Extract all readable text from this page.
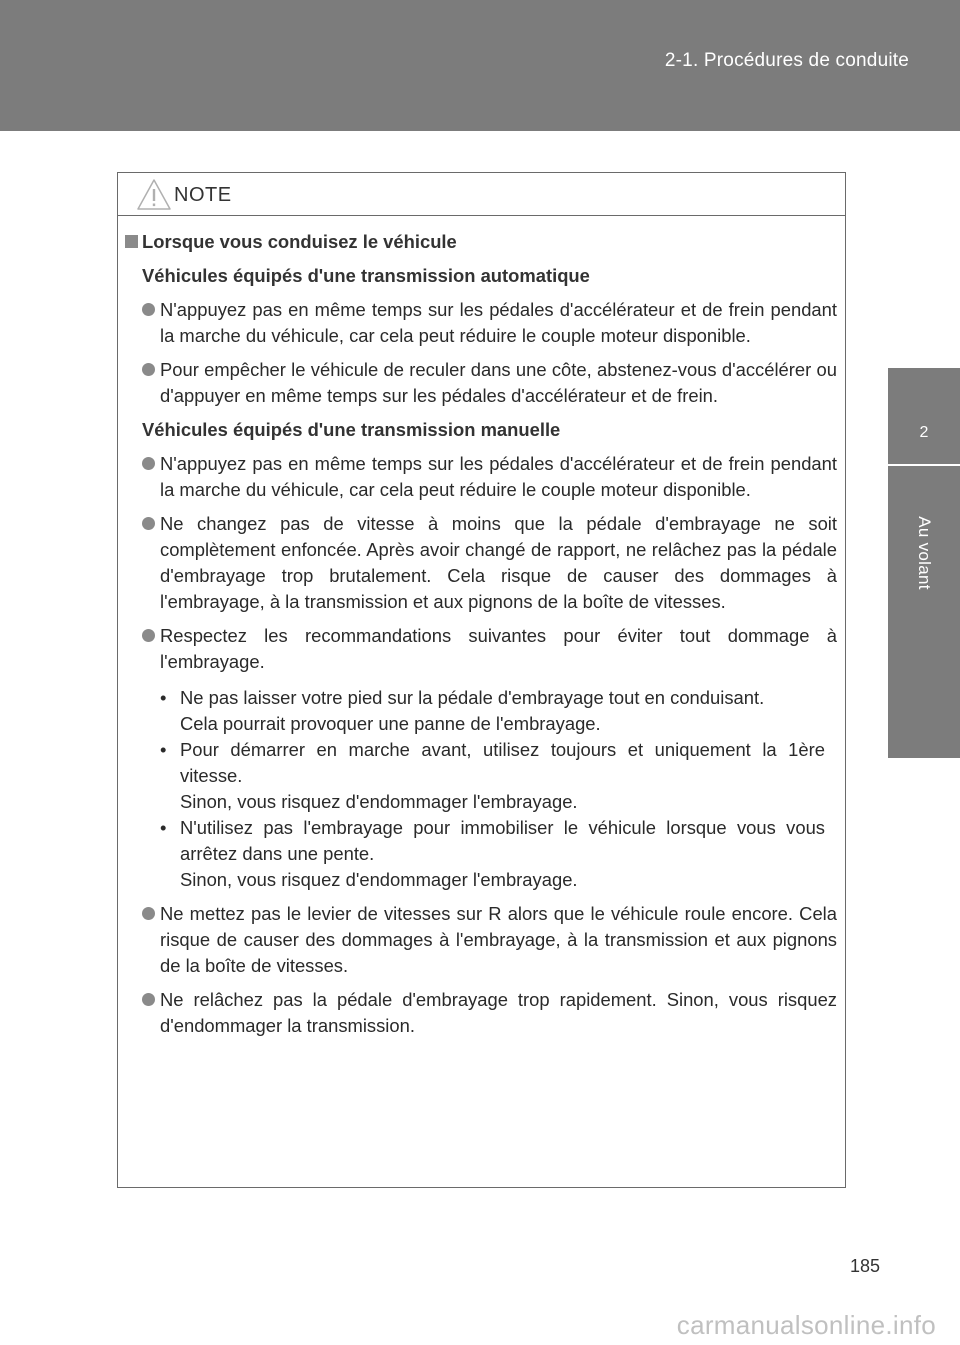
2-1. Procédures de conduite
2
Au volant
NOTE
Lorsque vous conduisez le véhicule
Véhicules équipés d'une transmission automatique
N'appuyez pas en même temps sur les pédales d'accélérateur et de frein pendant la marche du véhicule, car cela peut réduire le couple moteur disponible.
Pour empêcher le véhicule de reculer dans une côte, abstenez-vous d'accélérer ou d'appuyer en même temps sur les pédales d'accélérateur et de frein.
Véhicules équipés d'une transmission manuelle
N'appuyez pas en même temps sur les pédales d'accélérateur et de frein pendant la marche du véhicule, car cela peut réduire le couple moteur disponible.
Ne changez pas de vitesse à moins que la pédale d'embrayage ne soit complètement enfoncée. Après avoir changé de rapport, ne relâchez pas la pédale d'embrayage trop brutalement. Cela risque de causer des dommages à l'embrayage, à la transmission et aux pignons de la boîte de vitesses.
Respectez les recommandations suivantes pour éviter tout dommage à l'embrayage.
• Ne pas laisser votre pied sur la pédale d'embrayage tout en conduisant.
Cela pourrait provoquer une panne de l'embrayage.
• Pour démarrer en marche avant, utilisez toujours et uniquement la 1ère vitesse.
Sinon, vous risquez d'endommager l'embrayage.
• N'utilisez pas l'embrayage pour immobiliser le véhicule lorsque vous vous arrêtez dans une pente.
Sinon, vous risquez d'endommager l'embrayage.
Ne mettez pas le levier de vitesses sur R alors que le véhicule roule encore. Cela risque de causer des dommages à l'embrayage, à la transmission et aux pignons de la boîte de vitesses.
Ne relâchez pas la pédale d'embrayage trop rapidement. Sinon, vous risquez d'endommager la transmission.
185
carmanualsonline.info
